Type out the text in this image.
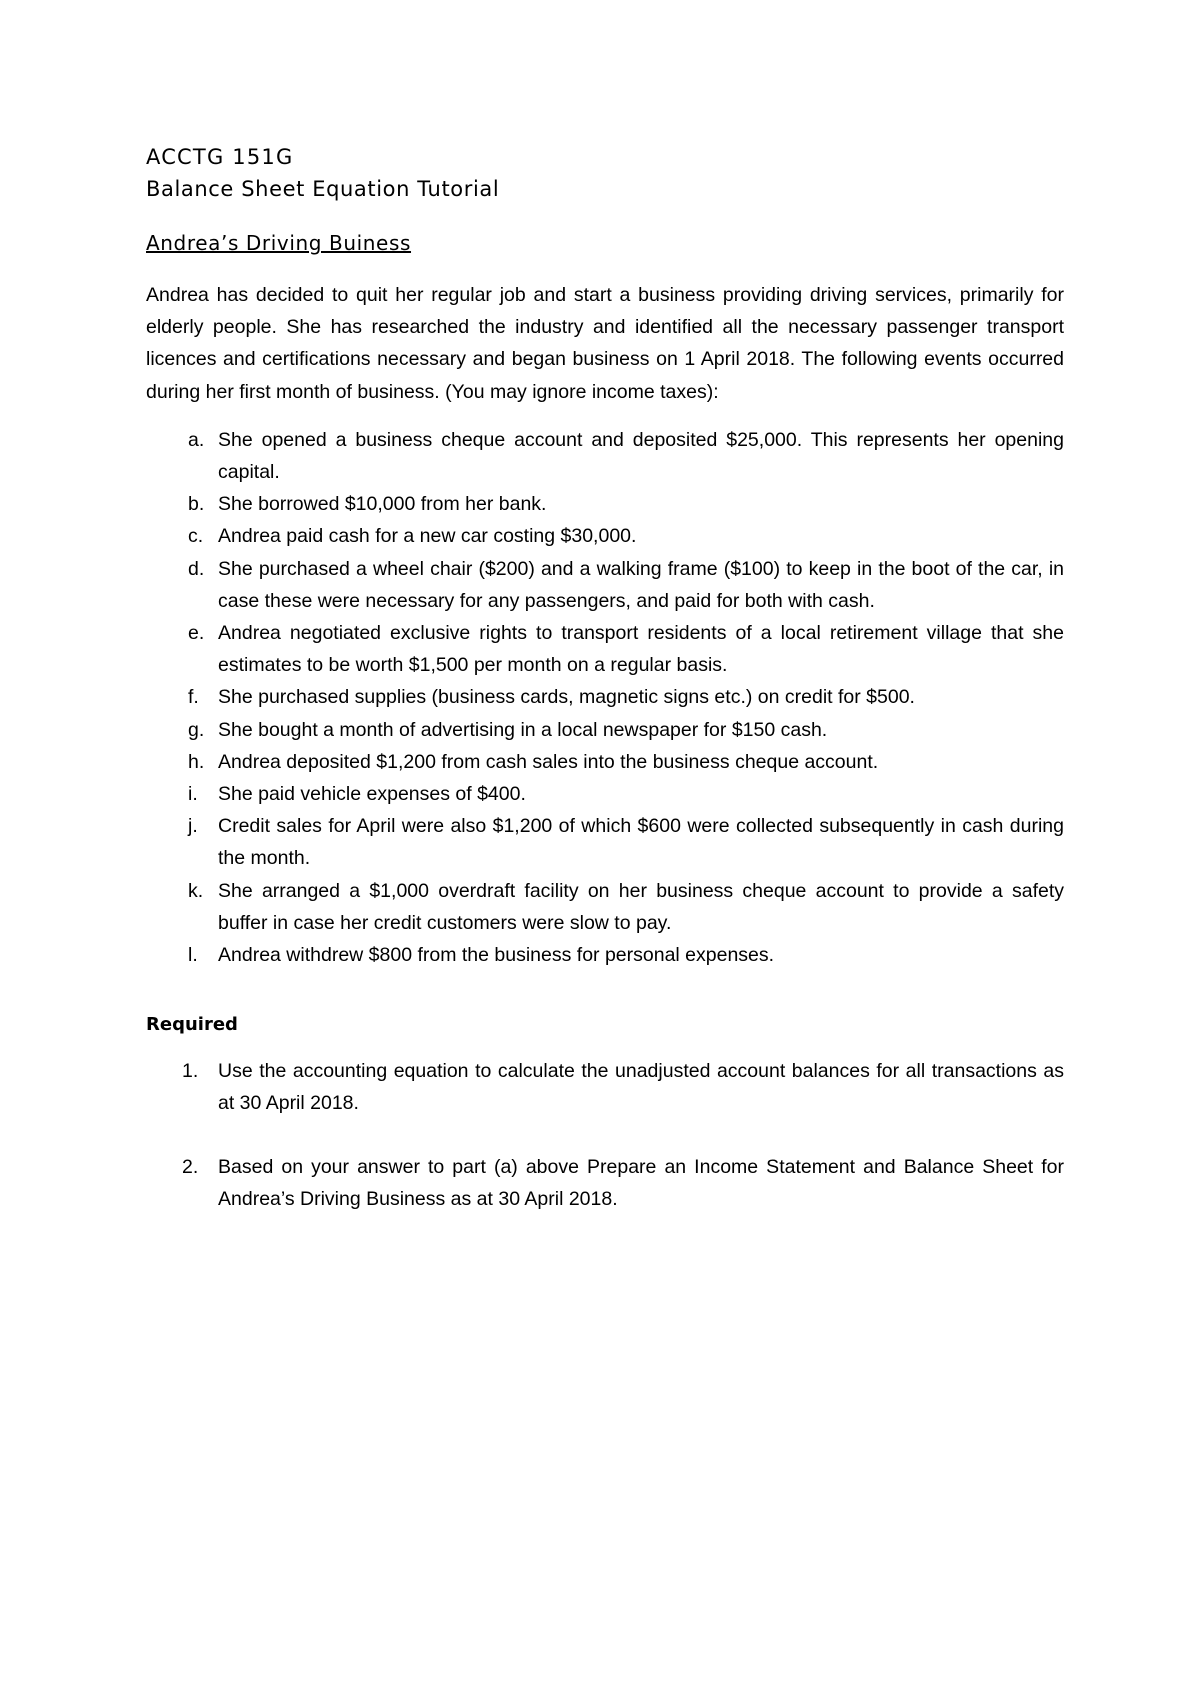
ACCTG 151G

Balance Sheet Equation Tutorial

Andrea’s Driving Buiness

Andrea has decided to quit her regular job and start a business providing driving services, primarily for elderly people. She has researched the industry and identified all the necessary passenger transport licences and certifications necessary and began business on 1 April 2018. The following events occurred during her first month of business. (You may ignore income taxes):

a. She opened a business cheque account and deposited $25,000. This represents her opening capital.
b. She borrowed $10,000 from her bank.
c. Andrea paid cash for a new car costing $30,000.
d. She purchased a wheel chair ($200) and a walking frame ($100) to keep in the boot of the car, in case these were necessary for any passengers, and paid for both with cash.
e. Andrea negotiated exclusive rights to transport residents of a local retirement village that she estimates to be worth $1,500 per month on a regular basis.
f. She purchased supplies (business cards, magnetic signs etc.) on credit for $500.
g. She bought a month of advertising in a local newspaper for $150 cash.
h. Andrea deposited $1,200 from cash sales into the business cheque account.
i. She paid vehicle expenses of $400.
j. Credit sales for April were also $1,200 of which $600 were collected subsequently in cash during the month.
k. She arranged a $1,000 overdraft facility on her business cheque account to provide a safety buffer in case her credit customers were slow to pay.
l. Andrea withdrew $800 from the business for personal expenses.

Required

1. Use the accounting equation to calculate the unadjusted account balances for all transactions as at 30 April 2018.
2. Based on your answer to part (a) above Prepare an Income Statement and Balance Sheet for Andrea’s Driving Business as at 30 April 2018.
